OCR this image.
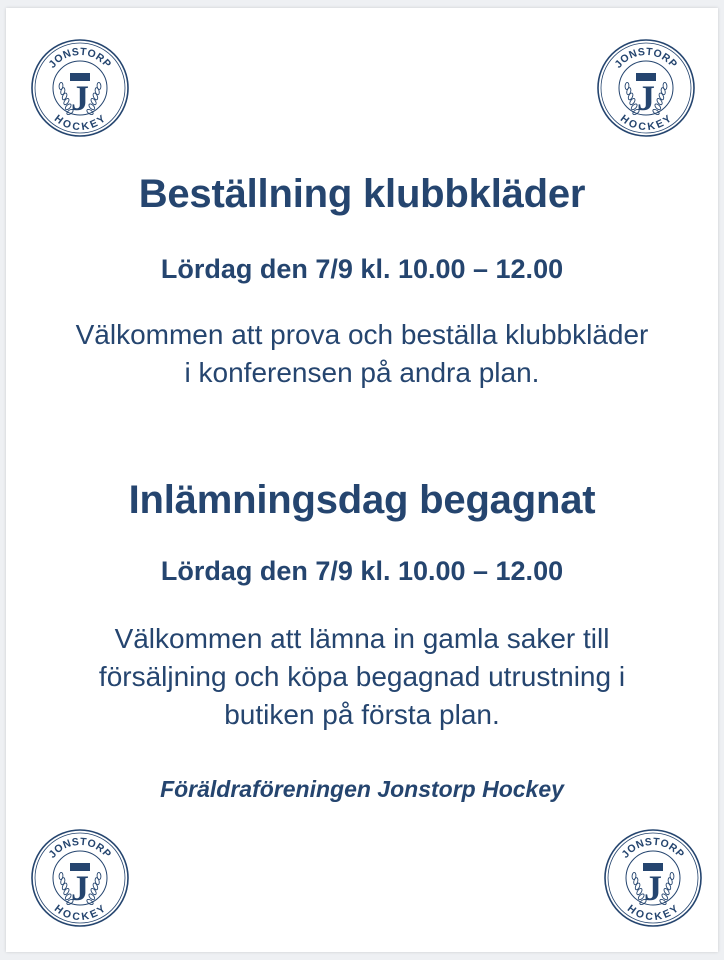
JONSTORP
HOCKEY
J
JONSTORP
HOCKEY
J
JONSTORP
HOCKEY
J
JONSTORP
HOCKEY
J
Beställning klubbkläder
Lördag den 7/9 kl. 10.00 – 12.00
Välkommen att prova och beställa klubbkläder
i konferensen på andra plan.
Inlämningsdag begagnat
Lördag den 7/9 kl. 10.00 – 12.00
Välkommen att lämna in gamla saker till
försäljning och köpa begagnad utrustning i
butiken på första plan.
Föräldraföreningen Jonstorp Hockey
